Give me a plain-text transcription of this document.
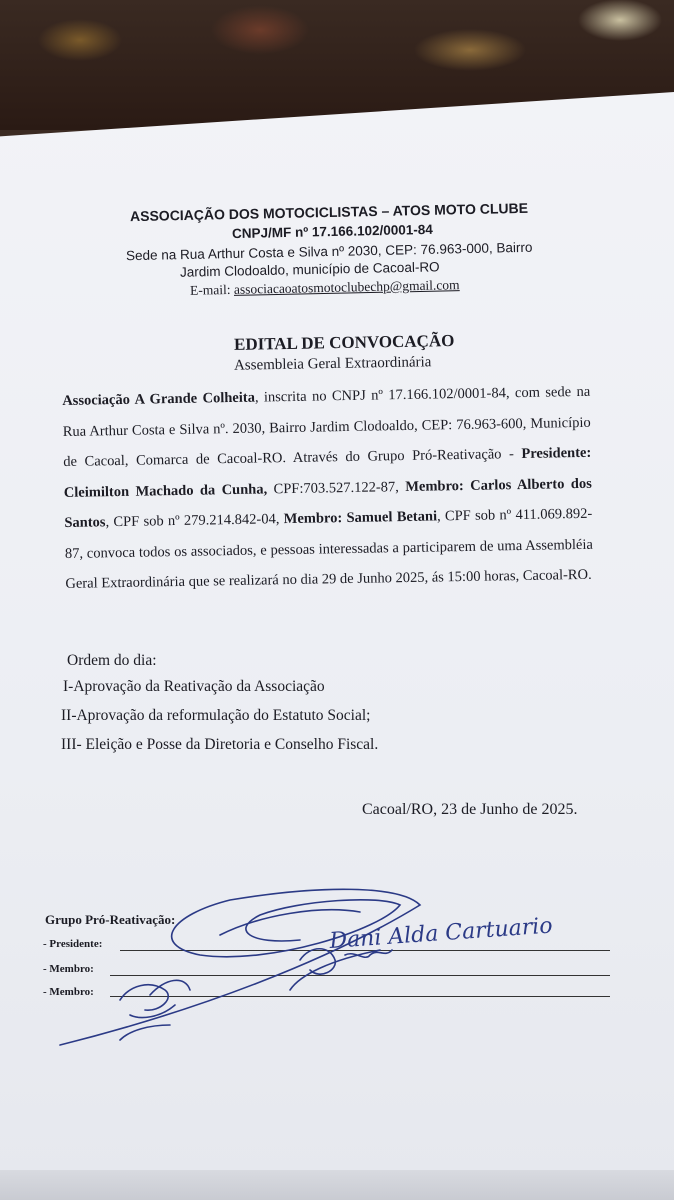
ASSOCIAÇÃO DOS MOTOCICLISTAS – ATOS MOTO CLUBE
CNPJ/MF nº 17.166.102/0001-84
Sede na Rua Arthur Costa e Silva nº 2030, CEP: 76.963-000, Bairro
Jardim Clodoaldo, município de Cacoal-RO
E-mail: associacaoatosmotoclubechp@gmail.com
EDITAL DE CONVOCAÇÃO
Assembleia Geral Extraordinária
Associação A Grande Colheita, inscrita no CNPJ nº 17.166.102/0001-84, com sede na Rua Arthur Costa e Silva nº. 2030, Bairro Jardim Clodoaldo, CEP: 76.963-600, Município de Cacoal, Comarca de Cacoal-RO. Através do Grupo Pró-Reativação - Presidente: Cleimilton Machado da Cunha, CPF:703.527.122-87, Membro: Carlos Alberto dos Santos, CPF sob nº 279.214.842-04, Membro: Samuel Betani, CPF sob nº 411.069.892-87, convoca todos os associados, e pessoas interessadas a participarem de uma Assembléia Geral Extraordinária que se realizará no dia 29 de Junho 2025, ás 15:00 horas, Cacoal-RO.
Ordem do dia:
I-Aprovação da Reativação da Associação
II-Aprovação da reformulação do Estatuto Social;
III- Eleição e Posse da Diretoria e Conselho Fiscal.
Cacoal/RO, 23 de Junho de 2025.
Grupo Pró-Reativação:
- Presidente:
- Membro:
- Membro:
Dani Alda Cartuario
